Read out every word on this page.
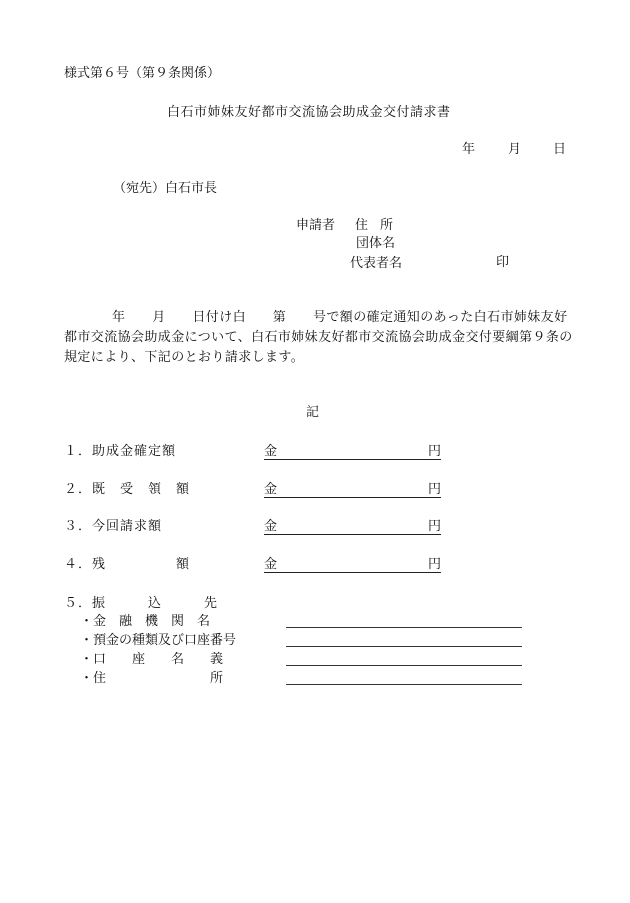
様式第６号（第９条関係）
白石市姉妹友好都市交流協会助成金交付請求書
年	月 日
（宛先）白石市長
申請者 住所
団体名
代表者名	印
年　　月　　日付け白　　第　　号で額の確定通知のあった白石市姉妹友好都市交流協会助成金について、白石市姉妹友好都市交流協会助成金交付要綱第９条の規定により、下記のとおり請求します。
記
１．助成金確定額	金	円
２．既　受　領　額	金	円
３．今回請求額	金	円
４．残　　　　　額	金	円
５．振　　　込　　　先
・金　融　機　関　名
・預金の種類及び口座番号
・口　　座　　名　　義
・住　　　　　　　　所
